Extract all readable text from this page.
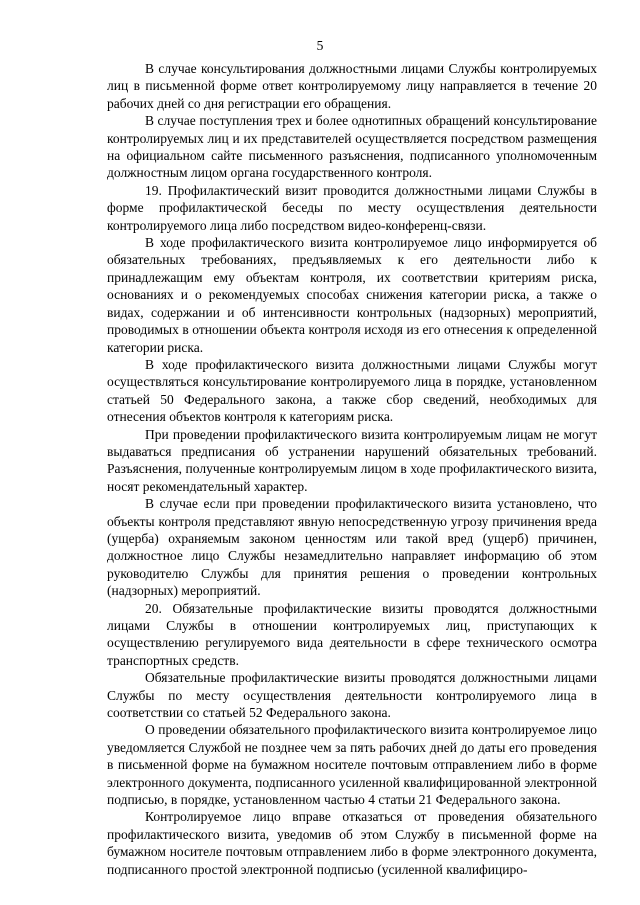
5

В случае консультирования должностными лицами Службы контролируемых лиц в письменной форме ответ контролируемому лицу направляется в течение 20 рабочих дней со дня регистрации его обращения.

В случае поступления трех и более однотипных обращений консультирование контролируемых лиц и их представителей осуществляется посредством размещения на официальном сайте письменного разъяснения, подписанного уполномоченным должностным лицом органа государственного контроля.

19. Профилактический визит проводится должностными лицами Службы в форме профилактической беседы по месту осуществления деятельности контролируемого лица либо посредством видео-конференц-связи.

В ходе профилактического визита контролируемое лицо информируется об обязательных требованиях, предъявляемых к его деятельности либо к принадлежащим ему объектам контроля, их соответствии критериям риска, основаниях и о рекомендуемых способах снижения категории риска, а также о видах, содержании и об интенсивности контрольных (надзорных) мероприятий, проводимых в отношении объекта контроля исходя из его отнесения к определенной категории риска.

В ходе профилактического визита должностными лицами Службы могут осуществляться консультирование контролируемого лица в порядке, установленном статьей 50 Федерального закона, а также сбор сведений, необходимых для отнесения объектов контроля к категориям риска.

При проведении профилактического визита контролируемым лицам не могут выдаваться предписания об устранении нарушений обязательных требований. Разъяснения, полученные контролируемым лицом в ходе профилактического визита, носят рекомендательный характер.

В случае если при проведении профилактического визита установлено, что объекты контроля представляют явную непосредственную угрозу причинения вреда (ущерба) охраняемым законом ценностям или такой вред (ущерб) причинен, должностное лицо Службы незамедлительно направляет информацию об этом руководителю Службы для принятия решения о проведении контрольных (надзорных) мероприятий.

20. Обязательные профилактические визиты проводятся должностными лицами Службы в отношении контролируемых лиц, приступающих к осуществлению регулируемого вида деятельности в сфере технического осмотра транспортных средств.

Обязательные профилактические визиты проводятся должностными лицами Службы по месту осуществления деятельности контролируемого лица в соответствии со статьей 52 Федерального закона.

О проведении обязательного профилактического визита контролируемое лицо уведомляется Службой не позднее чем за пять рабочих дней до даты его проведения в письменной форме на бумажном носителе почтовым отправлением либо в форме электронного документа, подписанного усиленной квалифицированной электронной подписью, в порядке, установленном частью 4 статьи 21 Федерального закона.

Контролируемое лицо вправе отказаться от проведения обязательного профилактического визита, уведомив об этом Службу в письменной форме на бумажном носителе почтовым отправлением либо в форме электронного документа, подписанного простой электронной подписью (усиленной квалифициро-
